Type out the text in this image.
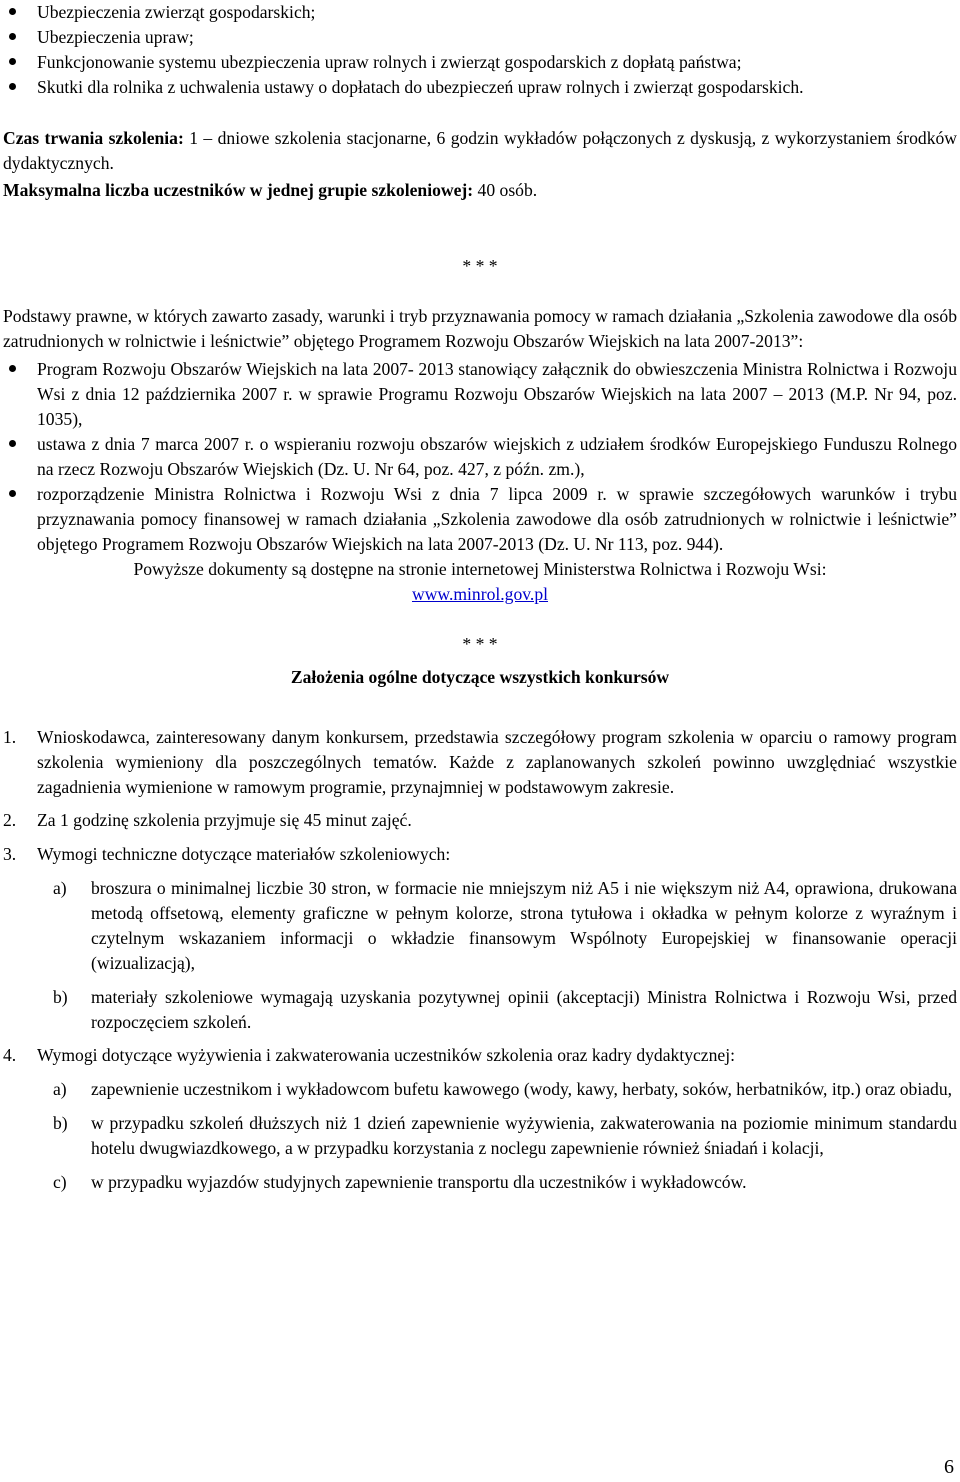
Ubezpieczenia zwierząt gospodarskich;
Ubezpieczenia upraw;
Funkcjonowanie systemu ubezpieczenia upraw rolnych i zwierząt gospodarskich z dopłatą państwa;
Skutki dla rolnika z uchwalenia ustawy o dopłatach do ubezpieczeń upraw rolnych i zwierząt gospodarskich.

Czas trwania szkolenia: 1 – dniowe szkolenia stacjonarne, 6 godzin wykładów połączonych z dyskusją, z wykorzystaniem środków dydaktycznych.

Maksymalna liczba uczestników w jednej grupie szkoleniowej: 40 osób.

* * *

Podstawy prawne, w których zawarto zasady, warunki i tryb przyznawania pomocy w ramach działania „Szkolenia zawodowe dla osób zatrudnionych w rolnictwie i leśnictwie” objętego Programem Rozwoju Obszarów Wiejskich na lata 2007-2013”:

Program Rozwoju Obszarów Wiejskich na lata 2007- 2013 stanowiący załącznik do obwieszczenia Ministra Rolnictwa i Rozwoju Wsi z dnia 12 października 2007 r. w sprawie Programu Rozwoju Obszarów Wiejskich na lata 2007 – 2013 (M.P. Nr 94, poz. 1035),
ustawa z dnia 7 marca 2007 r. o wspieraniu rozwoju obszarów wiejskich z udziałem środków Europejskiego Funduszu Rolnego na rzecz Rozwoju Obszarów Wiejskich (Dz. U. Nr 64, poz. 427, z późn. zm.),
rozporządzenie Ministra Rolnictwa i Rozwoju Wsi z dnia 7 lipca 2009 r. w sprawie szczegółowych warunków i trybu przyznawania pomocy finansowej w ramach działania „Szkolenia zawodowe dla osób zatrudnionych w rolnictwie i leśnictwie” objętego Programem Rozwoju Obszarów Wiejskich na lata 2007-2013 (Dz. U. Nr 113, poz. 944).

Powyższe dokumenty są dostępne na stronie internetowej Ministerstwa Rolnictwa i Rozwoju Wsi:

www.minrol.gov.pl

* * *

Założenia ogólne dotyczące wszystkich konkursów

1.	Wnioskodawca, zainteresowany danym konkursem, przedstawia szczegółowy program szkolenia w oparciu o ramowy program szkolenia wymieniony dla poszczególnych tematów. Każde z zaplanowanych szkoleń powinno uwzględniać wszystkie zagadnienia wymienione w ramowym programie, przynajmniej w podstawowym zakresie.
2.	Za 1 godzinę szkolenia przyjmuje się 45 minut zajęć.
3.	Wymogi techniczne dotyczące materiałów szkoleniowych:
a)	broszura o minimalnej liczbie 30 stron, w formacie nie mniejszym niż A5 i nie większym niż A4, oprawiona, drukowana metodą offsetową, elementy graficzne w pełnym kolorze, strona tytułowa i okładka w pełnym kolorze z wyraźnym i czytelnym wskazaniem informacji o wkładzie finansowym Wspólnoty Europejskiej w finansowanie operacji (wizualizacją),
b)	materiały szkoleniowe wymagają uzyskania pozytywnej opinii (akceptacji) Ministra Rolnictwa i Rozwoju Wsi, przed rozpoczęciem szkoleń.
4.	Wymogi dotyczące wyżywienia i zakwaterowania uczestników szkolenia oraz kadry dydaktycznej:
a)	zapewnienie uczestnikom i wykładowcom bufetu kawowego (wody, kawy, herbaty, soków, herbatników, itp.) oraz obiadu,
b)	w przypadku szkoleń dłuższych niż 1 dzień zapewnienie wyżywienia, zakwaterowania na poziomie minimum standardu hotelu dwugwiazdkowego, a w przypadku korzystania z noclegu zapewnienie również śniadań i kolacji,
c)	w przypadku wyjazdów studyjnych zapewnienie transportu dla uczestników i wykładowców.
6
